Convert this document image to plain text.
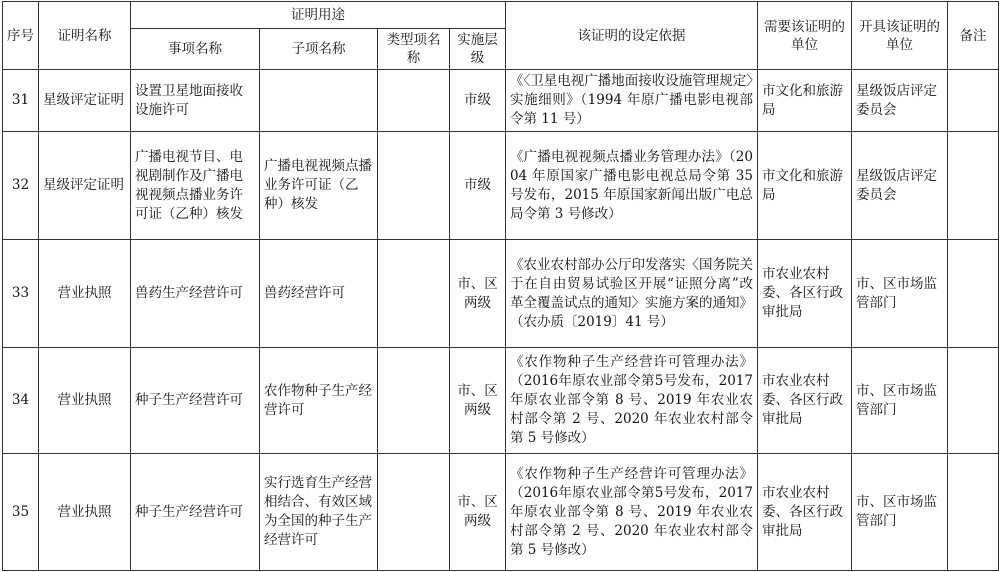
序号	证明名称	证明用途				该证明的设定依据	需要该证明的单位	开具该证明的单位	备注
		事项名称	子项名称	类型项名称	实施层级				
31	星级评定证明	设置卫星地面接收设施许可			市级	《〈卫星电视广播地面接收设施管理规定〉实施细则》（1994 年原广播电影电视部令第 11 号）	市文化和旅游局	星级饭店评定委员会	
32	星级评定证明	广播电视节目、电视剧制作及广播电视视频点播业务许可证（乙种）核发	广播电视视频点播业务许可证（乙种）核发		市级	《广播电视视频点播业务管理办法》（2004 年原国家广播电影电视总局令第 35 号发布，2015 年原国家新闻出版广电总局令第 3 号修改）	市文化和旅游局	星级饭店评定委员会	
33	营业执照	兽药生产经营许可	兽药经营许可		市、区两级	《农业农村部办公厅印发落实〈国务院关于在自由贸易试验区开展“证照分离”改革全覆盖试点的通知〉实施方案的通知》（农办质〔2019〕41 号）	市农业农村委、各区行政审批局	市、区市场监管部门	
34	营业执照	种子生产经营许可	农作物种子生产经营许可		市、区两级	《农作物种子生产经营许可管理办法》（2016年原农业部令第5号发布，2017 年原农业部令第 8 号、2019 年农业农村部令第 2 号、2020 年农业农村部令第 5 号修改）	市农业农村委、各区行政审批局	市、区市场监管部门	
35	营业执照	种子生产经营许可	实行选育生产经营相结合、有效区域为全国的种子生产经营许可		市、区两级	《农作物种子生产经营许可管理办法》（2016年原农业部令第5号发布，2017 年原农业部令第 8 号、2019 年农业农村部令第 2 号、2020 年农业农村部令第 5 号修改）	市农业农村委、各区行政审批局	市、区市场监管部门	
